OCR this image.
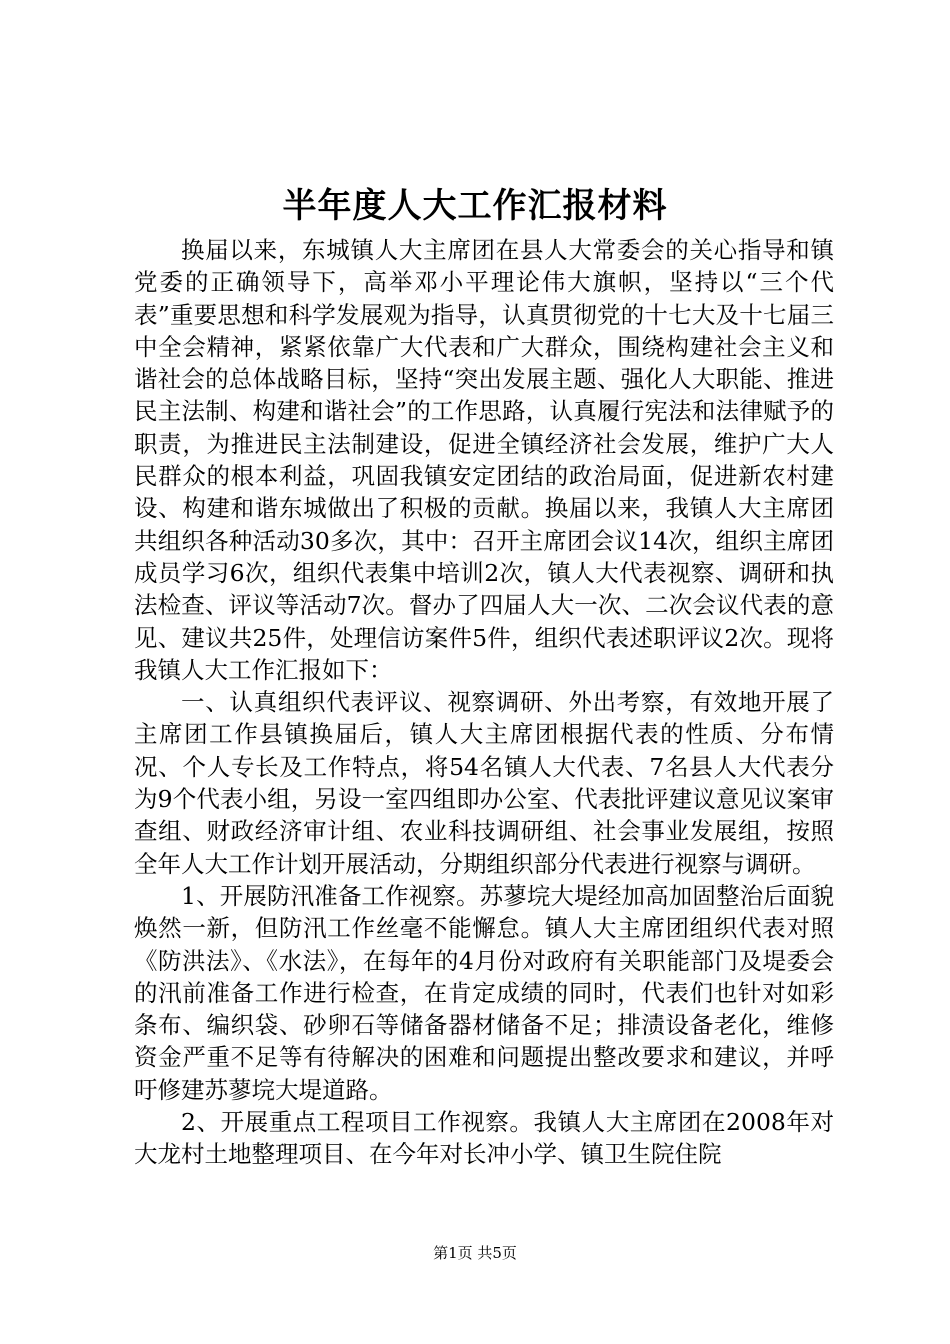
半年度人大工作汇报材料

换届以来，东城镇人大主席团在县人大常委会的关心指导和镇党委的正确领导下，高举邓小平理论伟大旗帜，坚持以“三个代表”重要思想和科学发展观为指导，认真贯彻党的十七大及十七届三中全会精神，紧紧依靠广大代表和广大群众，围绕构建社会主义和谐社会的总体战略目标，坚持“突出发展主题、强化人大职能、推进民主法制、构建和谐社会”的工作思路，认真履行宪法和法律赋予的职责，为推进民主法制建设，促进全镇经济社会发展，维护广大人民群众的根本利益，巩固我镇安定团结的政治局面，促进新农村建设、构建和谐东城做出了积极的贡献。换届以来，我镇人大主席团共组织各种活动30多次，其中：召开主席团会议14次，组织主席团成员学习6次，组织代表集中培训2次，镇人大代表视察、调研和执法检查、评议等活动7次。督办了四届人大一次、二次会议代表的意见、建议共25件，处理信访案件5件，组织代表述职评议2次。现将我镇人大工作汇报如下：

一、认真组织代表评议、视察调研、外出考察，有效地开展了主席团工作县镇换届后，镇人大主席团根据代表的性质、分布情况、个人专长及工作特点，将54名镇人大代表、7名县人大代表分为9个代表小组，另设一室四组即办公室、代表批评建议意见议案审查组、财政经济审计组、农业科技调研组、社会事业发展组，按照全年人大工作计划开展活动，分期组织部分代表进行视察与调研。

1、开展防汛准备工作视察。苏蓼垸大堤经加高加固整治后面貌焕然一新，但防汛工作丝毫不能懈怠。镇人大主席团组织代表对照《防洪法》、《水法》，在每年的4月份对政府有关职能部门及堤委会的汛前准备工作进行检查，在肯定成绩的同时，代表们也针对如彩条布、编织袋、砂卵石等储备器材储备不足；排渍设备老化，维修资金严重不足等有待解决的困难和问题提出整改要求和建议，并呼吁修建苏蓼垸大堤道路。

2、开展重点工程项目工作视察。我镇人大主席团在2008年对大龙村土地整理项目、在今年对长冲小学、镇卫生院住院

第1页 共5页
